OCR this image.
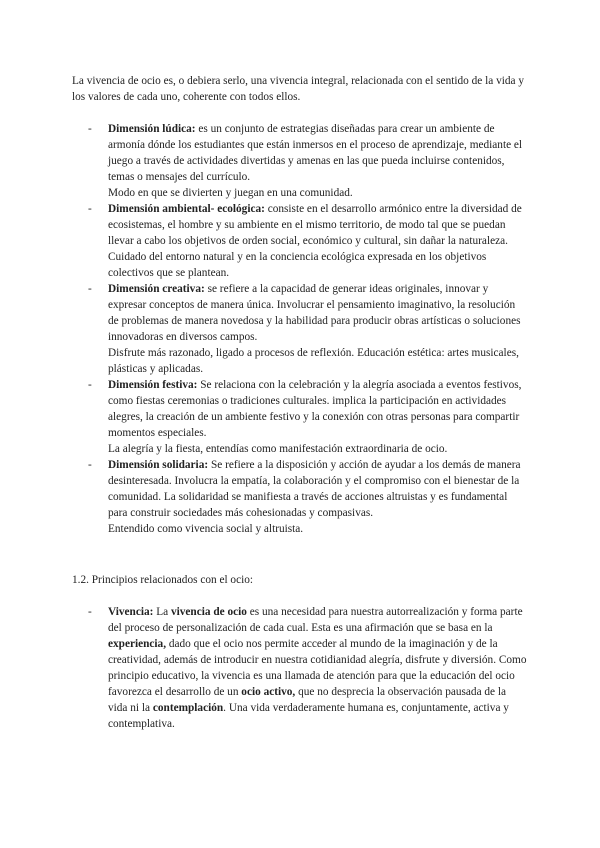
La vivencia de ocio es, o debiera serlo, una vivencia integral, relacionada con el sentido de la vida y los valores de cada uno, coherente con todos ellos.

- Dimensión lúdica: es un conjunto de estrategias diseñadas para crear un ambiente de armonía dónde los estudiantes que están inmersos en el proceso de aprendizaje, mediante el juego a través de actividades divertidas y amenas en las que pueda incluirse contenidos, temas o mensajes del currículo.

Modo en que se divierten y juegan en una comunidad.

- Dimensión ambiental- ecológica: consiste en el desarrollo armónico entre la diversidad de ecosistemas, el hombre y su ambiente en el mismo territorio, de modo tal que se puedan llevar a cabo los objetivos de orden social, económico y cultural, sin dañar la naturaleza.

Cuidado del entorno natural y en la conciencia ecológica expresada en los objetivos colectivos que se plantean.

- Dimensión creativa: se refiere a la capacidad de generar ideas originales, innovar y expresar conceptos de manera única. Involucrar el pensamiento imaginativo, la resolución de problemas de manera novedosa y la habilidad para producir obras artísticas o soluciones innovadoras en diversos campos.

Disfrute más razonado, ligado a procesos de reflexión. Educación estética: artes musicales, plásticas y aplicadas.

- Dimensión festiva: Se relaciona con la celebración y la alegría asociada a eventos festivos, como fiestas ceremonias o tradiciones culturales. implica la participación en actividades alegres, la creación de un ambiente festivo y la conexión con otras personas para compartir momentos especiales.

La alegría y la fiesta, entendías como manifestación extraordinaria de ocio.

- Dimensión solidaria: Se refiere a la disposición y acción de ayudar a los demás de manera desinteresada. Involucra la empatía, la colaboración y el compromiso con el bienestar de la comunidad. La solidaridad se manifiesta a través de acciones altruistas y es fundamental para construir sociedades más cohesionadas y compasivas.

Entendido como vivencia social y altruista.

1.2. Principios relacionados con el ocio:

- Vivencia: La vivencia de ocio es una necesidad para nuestra autorrealización y forma parte del proceso de personalización de cada cual. Esta es una afirmación que se basa en la experiencia, dado que el ocio nos permite acceder al mundo de la imaginación y de la creatividad, además de introducir en nuestra cotidianidad alegría, disfrute y diversión. Como principio educativo, la vivencia es una llamada de atención para que la educación del ocio favorezca el desarrollo de un ocio activo, que no desprecia la observación pausada de la vida ni la contemplación. Una vida verdaderamente humana es, conjuntamente, activa y contemplativa.
